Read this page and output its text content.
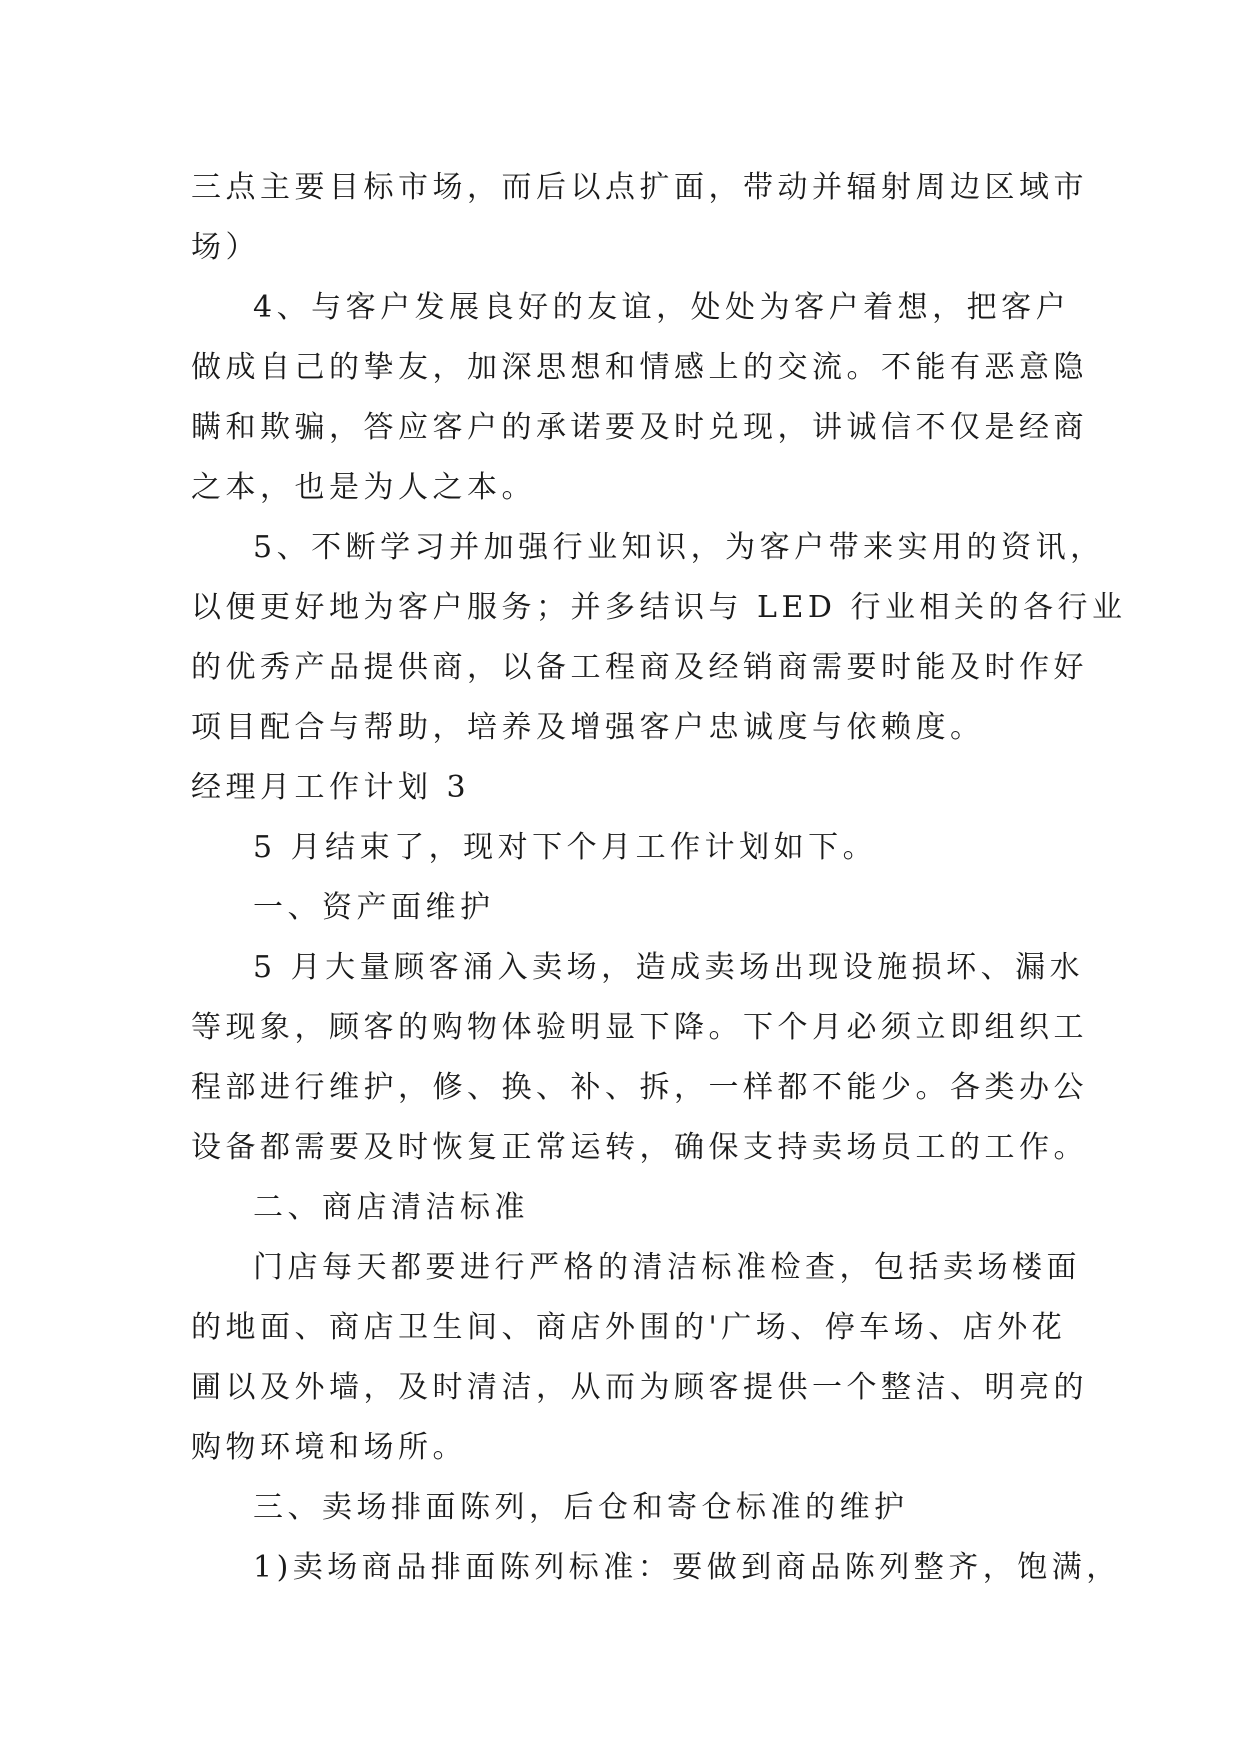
三点主要目标市场，而后以点扩面，带动并辐射周边区域市

场）

4、与客户发展良好的友谊，处处为客户着想，把客户

做成自己的挚友，加深思想和情感上的交流。不能有恶意隐

瞒和欺骗，答应客户的承诺要及时兑现，讲诚信不仅是经商

之本，也是为人之本。

5、不断学习并加强行业知识，为客户带来实用的资讯，

以便更好地为客户服务；并多结识与 LED 行业相关的各行业

的优秀产品提供商，以备工程商及经销商需要时能及时作好

项目配合与帮助，培养及增强客户忠诚度与依赖度。

经理月工作计划 3

5 月结束了，现对下个月工作计划如下。

一、资产面维护

5 月大量顾客涌入卖场，造成卖场出现设施损坏、漏水

等现象，顾客的购物体验明显下降。下个月必须立即组织工

程部进行维护，修、换、补、拆，一样都不能少。各类办公

设备都需要及时恢复正常运转，确保支持卖场员工的工作。

二、商店清洁标准

门店每天都要进行严格的清洁标准检查，包括卖场楼面

的地面、商店卫生间、商店外围的'广场、停车场、店外花

圃以及外墙，及时清洁，从而为顾客提供一个整洁、明亮的

购物环境和场所。

三、卖场排面陈列，后仓和寄仓标准的维护

1)卖场商品排面陈列标准：要做到商品陈列整齐，饱满，
